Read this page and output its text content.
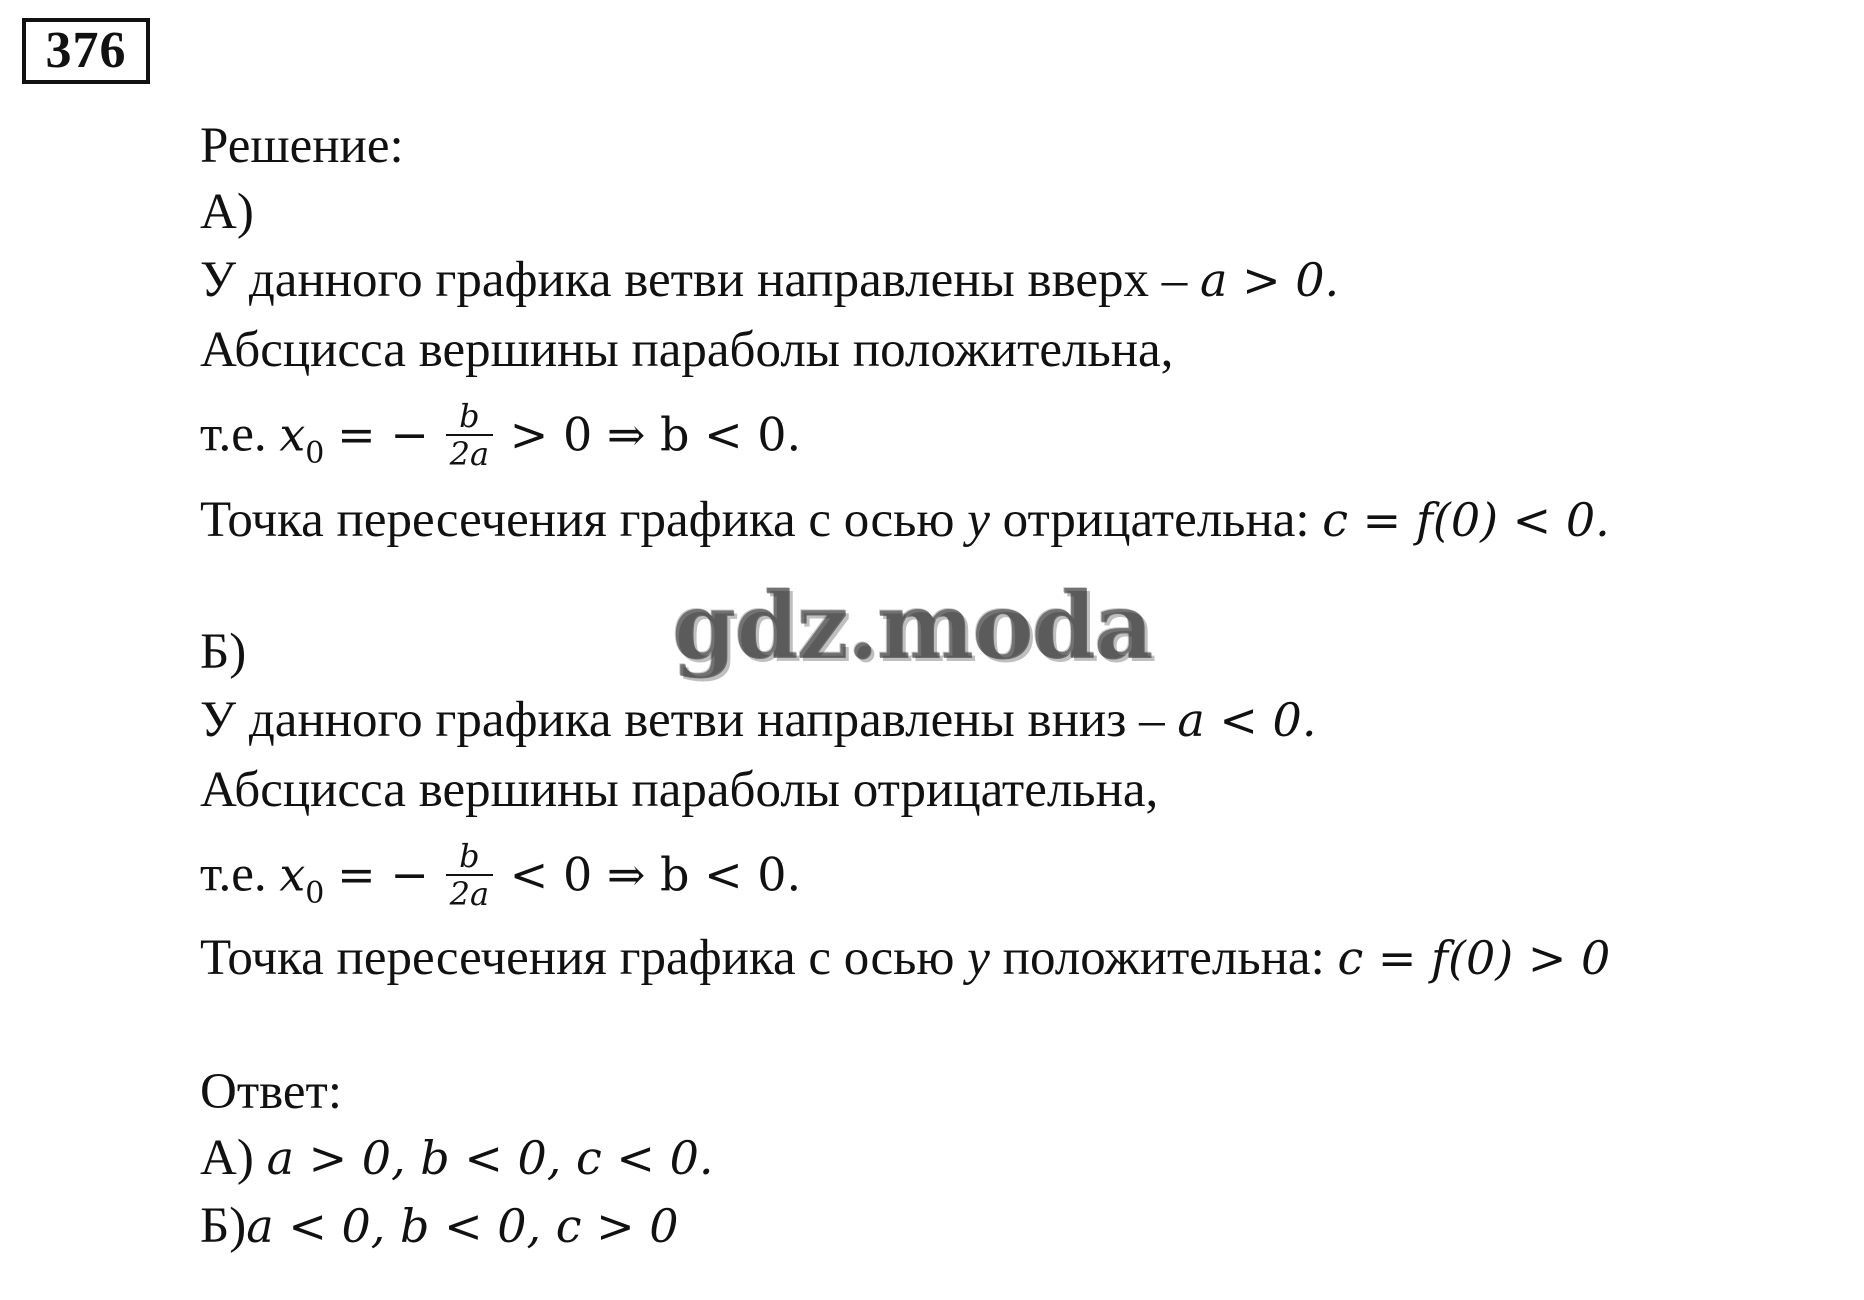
376
Решение:
А)
У данного графика ветви направлены вверх – a > 0.
Абсцисса вершины параболы положительна,
т.е. $x_0$ = − $\frac{b}{2a} > 0$ ⇒ b < 0.
Точка пересечения графика с осью y отрицательна: c = f(0) < 0.
gdz.moda
Б)
У данного графика ветви направлены вниз – a < 0.
Абсцисса вершины параболы отрицательна,
т.е. $x_0$ = − $\frac{b}{2a} < 0$ ⇒ b < 0.
Точка пересечения графика с осью y положительна: c = f(0) > 0
Ответ:
А) a > 0, b < 0, c < 0.
Б)a < 0, b < 0, c > 0
